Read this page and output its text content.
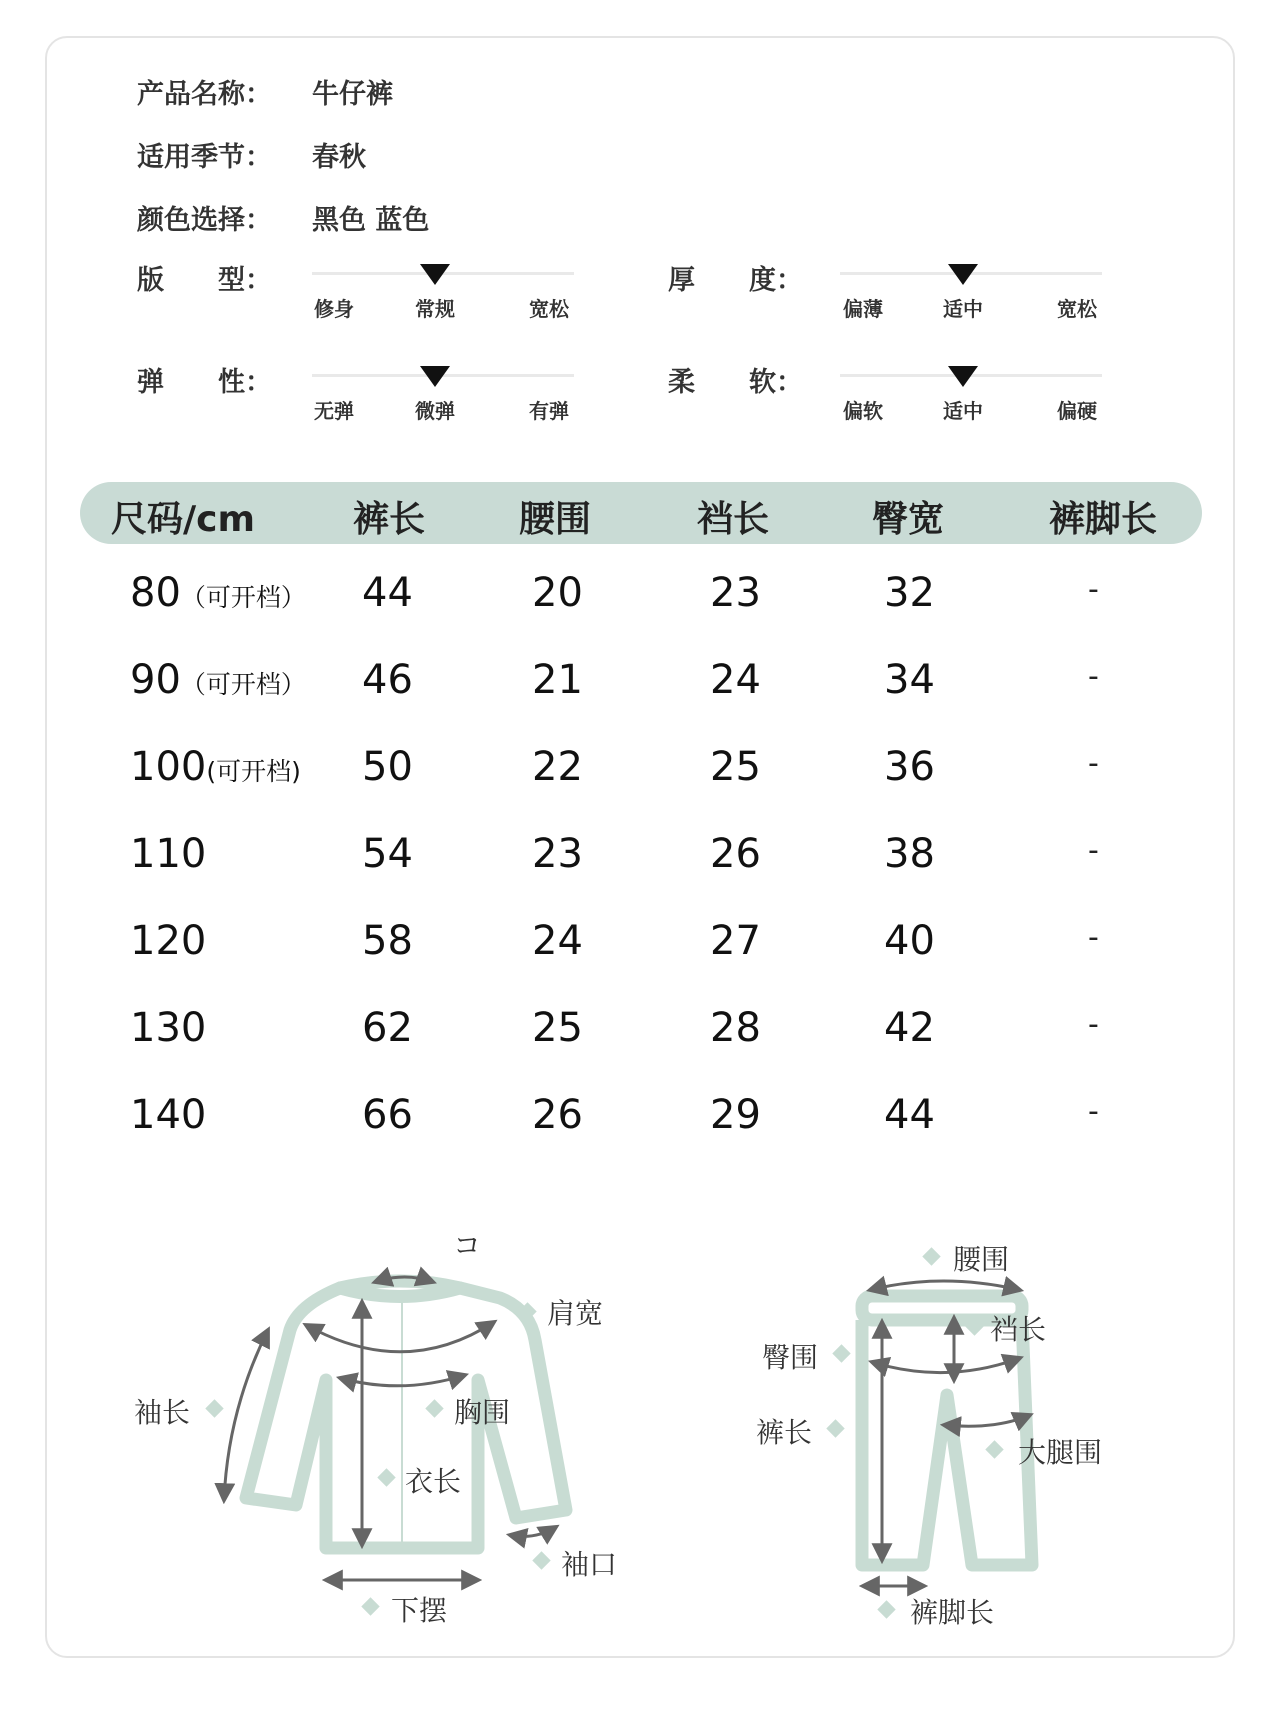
产品名称： 牛仔裤
适用季节： 春秋
颜色选择： 黑色 蓝色
版　　型：
修身	常规	宽松
厚　　度：
偏薄	适中	宽松
弹　　性：
无弹	微弹	有弹
柔　　软：
偏软	适中	偏硬
尺码/cm	裤长	腰围	裆长	臀宽	裤脚长
80（可开档） 44	20	23	32	-
90（可开档） 46	21	24	34	-
100(可开档) 50	22	25	36	-
110	54	23	26	38	-
120	58	24	27	40	-
130	62	25	28	42	-
140	66	26	29	44	-
コ
肩宽
袖长	胸围
衣长
袖口
下摆
腰围
裆长
臀围
裤长
大腿围
裤脚长
